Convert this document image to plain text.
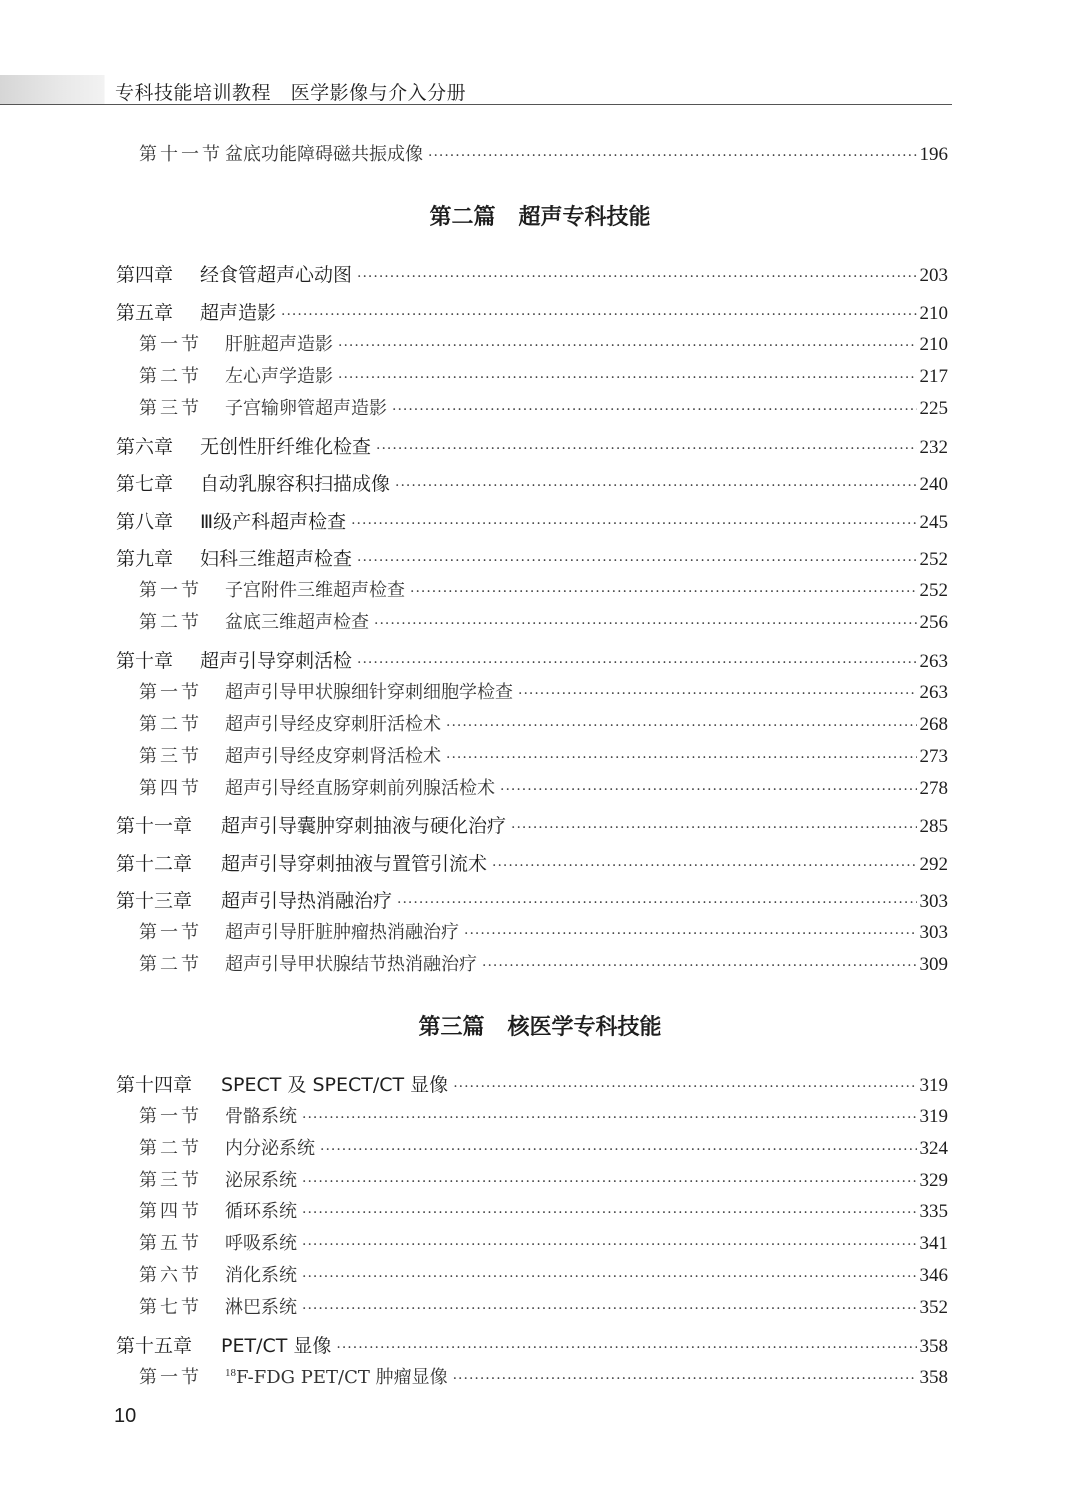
专科技能培训教程   医学影像与介入分册
第十一节 盆底功能障碍磁共振成像 ·····	196
第二篇   超声专科技能
第四章	经食管超声心动图 ·····	203
第五章	超声造影 ·····	210
第一节	肝脏超声造影 ·····	210
第二节	左心声学造影 ·····	217
第三节	子宫输卵管超声造影 ·····	225
第六章	无创性肝纤维化检查 ·····	232
第七章	自动乳腺容积扫描成像 ·····	240
第八章	Ⅲ级产科超声检查 ·····	245
第九章	妇科三维超声检查 ·····	252
第一节	子宫附件三维超声检查 ·····	252
第二节	盆底三维超声检查 ·····	256
第十章	超声引导穿刺活检 ·····	263
第一节	超声引导甲状腺细针穿刺细胞学检查 ·····	263
第二节	超声引导经皮穿刺肝活检术 ·····	268
第三节	超声引导经皮穿刺肾活检术 ·····	273
第四节	超声引导经直肠穿刺前列腺活检术 ·····	278
第十一章	超声引导囊肿穿刺抽液与硬化治疗 ·····	285
第十二章	超声引导穿刺抽液与置管引流术 ·····	292
第十三章	超声引导热消融治疗 ·····	303
第一节	超声引导肝脏肿瘤热消融治疗 ·····	303
第二节	超声引导甲状腺结节热消融治疗 ·····	309
第三篇   核医学专科技能
第十四章	SPECT 及 SPECT/CT 显像 ·····	319
第一节	骨骼系统 ·····	319
第二节	内分泌系统 ·····	324
第三节	泌尿系统 ·····	329
第四节	循环系统 ·····	335
第五节	呼吸系统 ·····	341
第六节	消化系统 ·····	346
第七节	淋巴系统 ·····	352
第十五章	PET/CT 显像 ·····	358
第一节	$^{18}$F-FDG PET/CT 肿瘤显像 ·····	358
10
